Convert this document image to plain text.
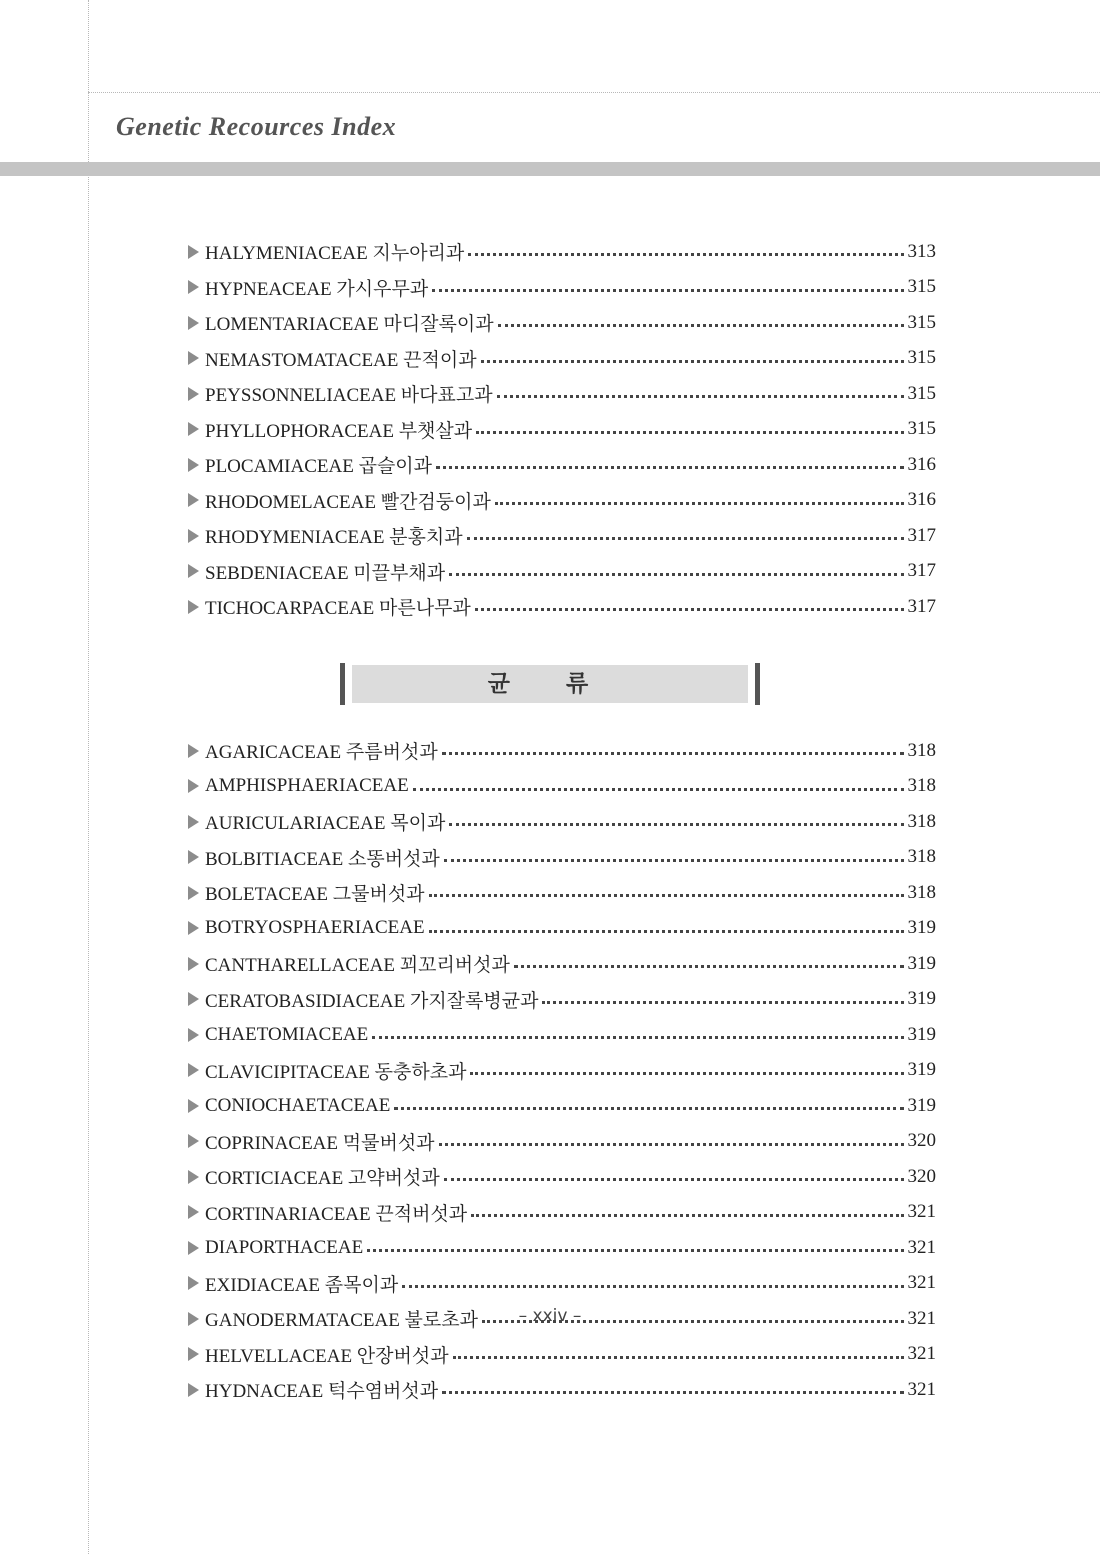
Genetic Recources Index
HALYMENIACEAE 지누아리과	313
HYPNEACEAE 가시우무과	315
LOMENTARIACEAE 마디잘록이과	315
NEMASTOMATACEAE 끈적이과	315
PEYSSONNELIACEAE 바다표고과	315
PHYLLOPHORACEAE 부챗살과	315
PLOCAMIACEAE 곱슬이과	316
RHODOMELACEAE 빨간검둥이과	316
RHODYMENIACEAE 분홍치과	317
SEBDENIACEAE 미끌부채과	317
TICHOCARPACEAE 마른나무과	317
균 류
AGARICACEAE 주름버섯과	318
AMPHISPHAERIACEAE	318
AURICULARIACEAE 목이과	318
BOLBITIACEAE 소똥버섯과	318
BOLETACEAE 그물버섯과	318
BOTRYOSPHAERIACEAE	319
CANTHARELLACEAE 꾀꼬리버섯과	319
CERATOBASIDIACEAE 가지잘록병균과	319
CHAETOMIACEAE	319
CLAVICIPITACEAE 동충하초과	319
CONIOCHAETACEAE	319
COPRINACEAE 먹물버섯과	320
CORTICIACEAE 고약버섯과	320
CORTINARIACEAE 끈적버섯과	321
DIAPORTHACEAE	321
EXIDIACEAE 좀목이과	321
GANODERMATACEAE 불로초과	321
HELVELLACEAE 안장버섯과	321
HYDNACEAE 턱수염버섯과	321
– xxiv –
